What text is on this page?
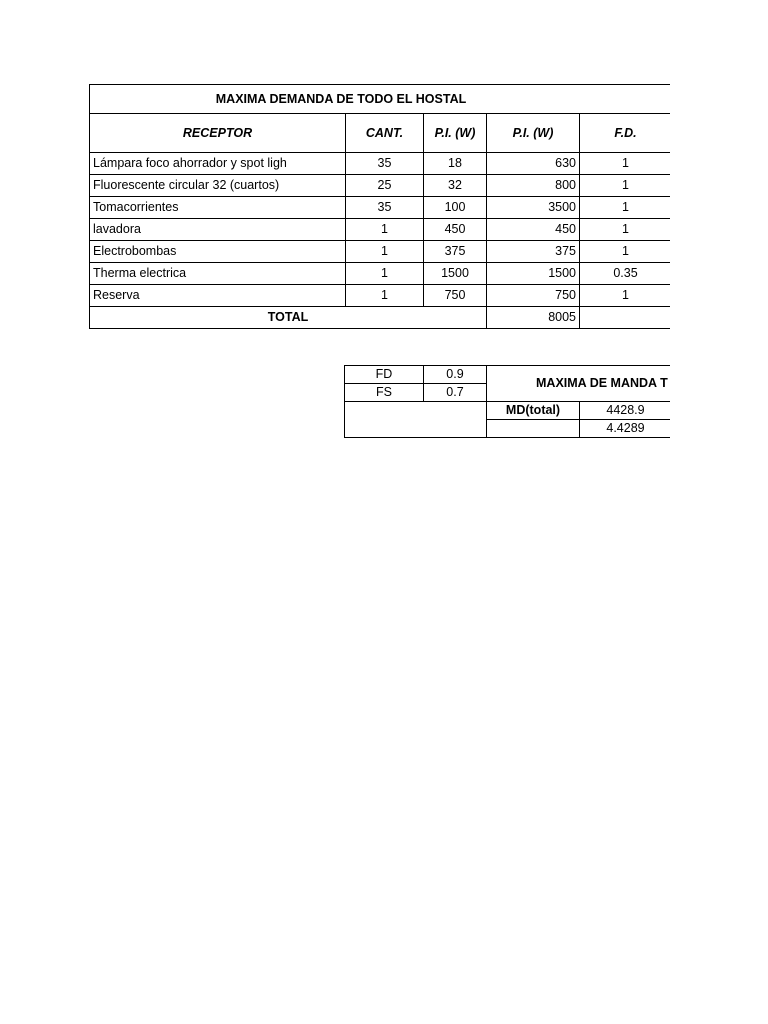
MAXIMA DEMANDA DE TODO EL HOSTAL					
RECEPTOR	CANT.	P.I. (W)	P.I. (W)	F.D.	
Lámpara foco ahorrador y spot ligh	35	18	630	1	
Fluorescente circular 32 (cuartos)	25	32	800	1	
Tomacorrientes	35	100	3500	1	
lavadora	1	450	450	1	
Electrobombas	1	375	375	1	
Therma electrica	1	1500	1500	0.35	
Reserva	1	750	750	1	
TOTAL			8005		
FD	0.9	MAXIMA DE MANDA T		
FS	0.7			
		MD(total)	4428.9	
			4.4289	
